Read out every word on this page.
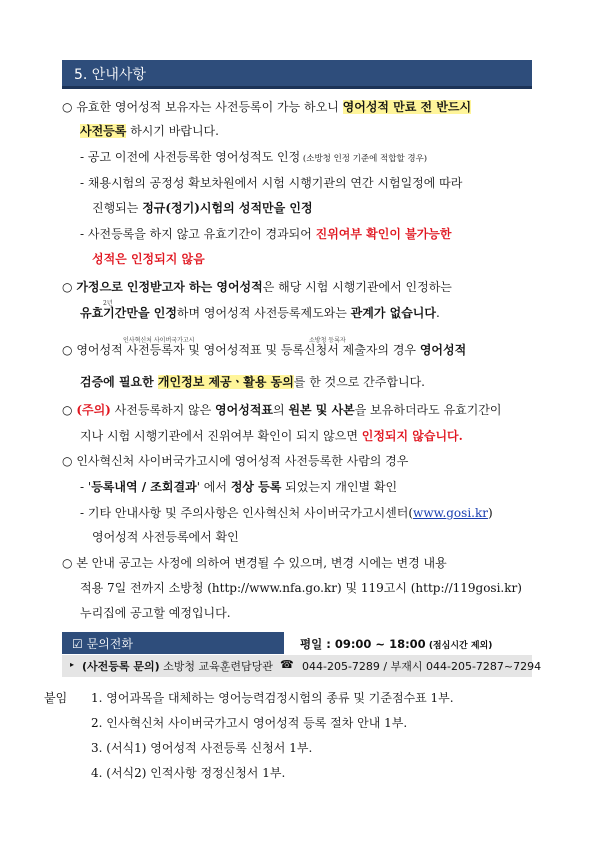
5. 안내사항
○ 유효한 영어성적 보유자는 사전등록이 가능 하오니 영어성적 만료 전 반드시
사전등록 하시기 바랍니다.
- 공고 이전에 사전등록한 영어성적도 인정 (소방청 인정 기준에 적합할 경우)
- 채용시험의 공정성 확보차원에서 시험 시행기관의 연간 시험일정에 따라
진행되는 정규(정기)시험의 성적만을 인정
- 사전등록을 하지 않고 유효기간이 경과되어 진위여부 확인이 불가능한
성적은 인정되지 않음
○ 가정으로 인정받고자 하는 영어성적은 해당 시험 시행기관에서 인정하는
2년
유효기간만을 인정하며 영어성적 사전등록제도와는 관계가 없습니다.
인사혁신처 사이버국가고시	소방청 등록자
○ 영어성적 사전등록자 및 영어성적표 및 등록신청서 제출자의 경우 영어성적
검증에 필요한 개인정보 제공ㆍ활용 동의를 한 것으로 간주합니다.
○ (주의) 사전등록하지 않은 영어성적표의 원본 및 사본을 보유하더라도 유효기간이
지나 시험 시행기관에서 진위여부 확인이 되지 않으면 인정되지 않습니다.
○ 인사혁신처 사이버국가고시에 영어성적 사전등록한 사람의 경우
- '등록내역 / 조회결과' 에서 정상 등록 되었는지 개인별 확인
- 기타 안내사항 및 주의사항은 인사혁신처 사이버국가고시센터(www.gosi.kr)
영어성적 사전등록에서 확인
○ 본 안내 공고는 사정에 의하여 변경될 수 있으며, 변경 시에는 변경 내용
적용 7일 전까지 소방청 (http://www.nfa.go.kr) 및 119고시 (http://119gosi.kr)
누리집에 공고할 예정입니다.
☑ 문의전화	평일 : 09:00 ~ 18:00 (점심시간 제외)
▸ (사전등록 문의) 소방청 교육훈련담당관 ☎ 044-205-7289 / 부재시 044-205-7287~7294
붙임 1. 영어과목을 대체하는 영어능력검정시험의 종류 및 기준점수표 1부.
2. 인사혁신처 사이버국가고시 영어성적 등록 절차 안내 1부.
3. (서식1) 영어성적 사전등록 신청서 1부.
4. (서식2) 인적사항 정정신청서 1부.
